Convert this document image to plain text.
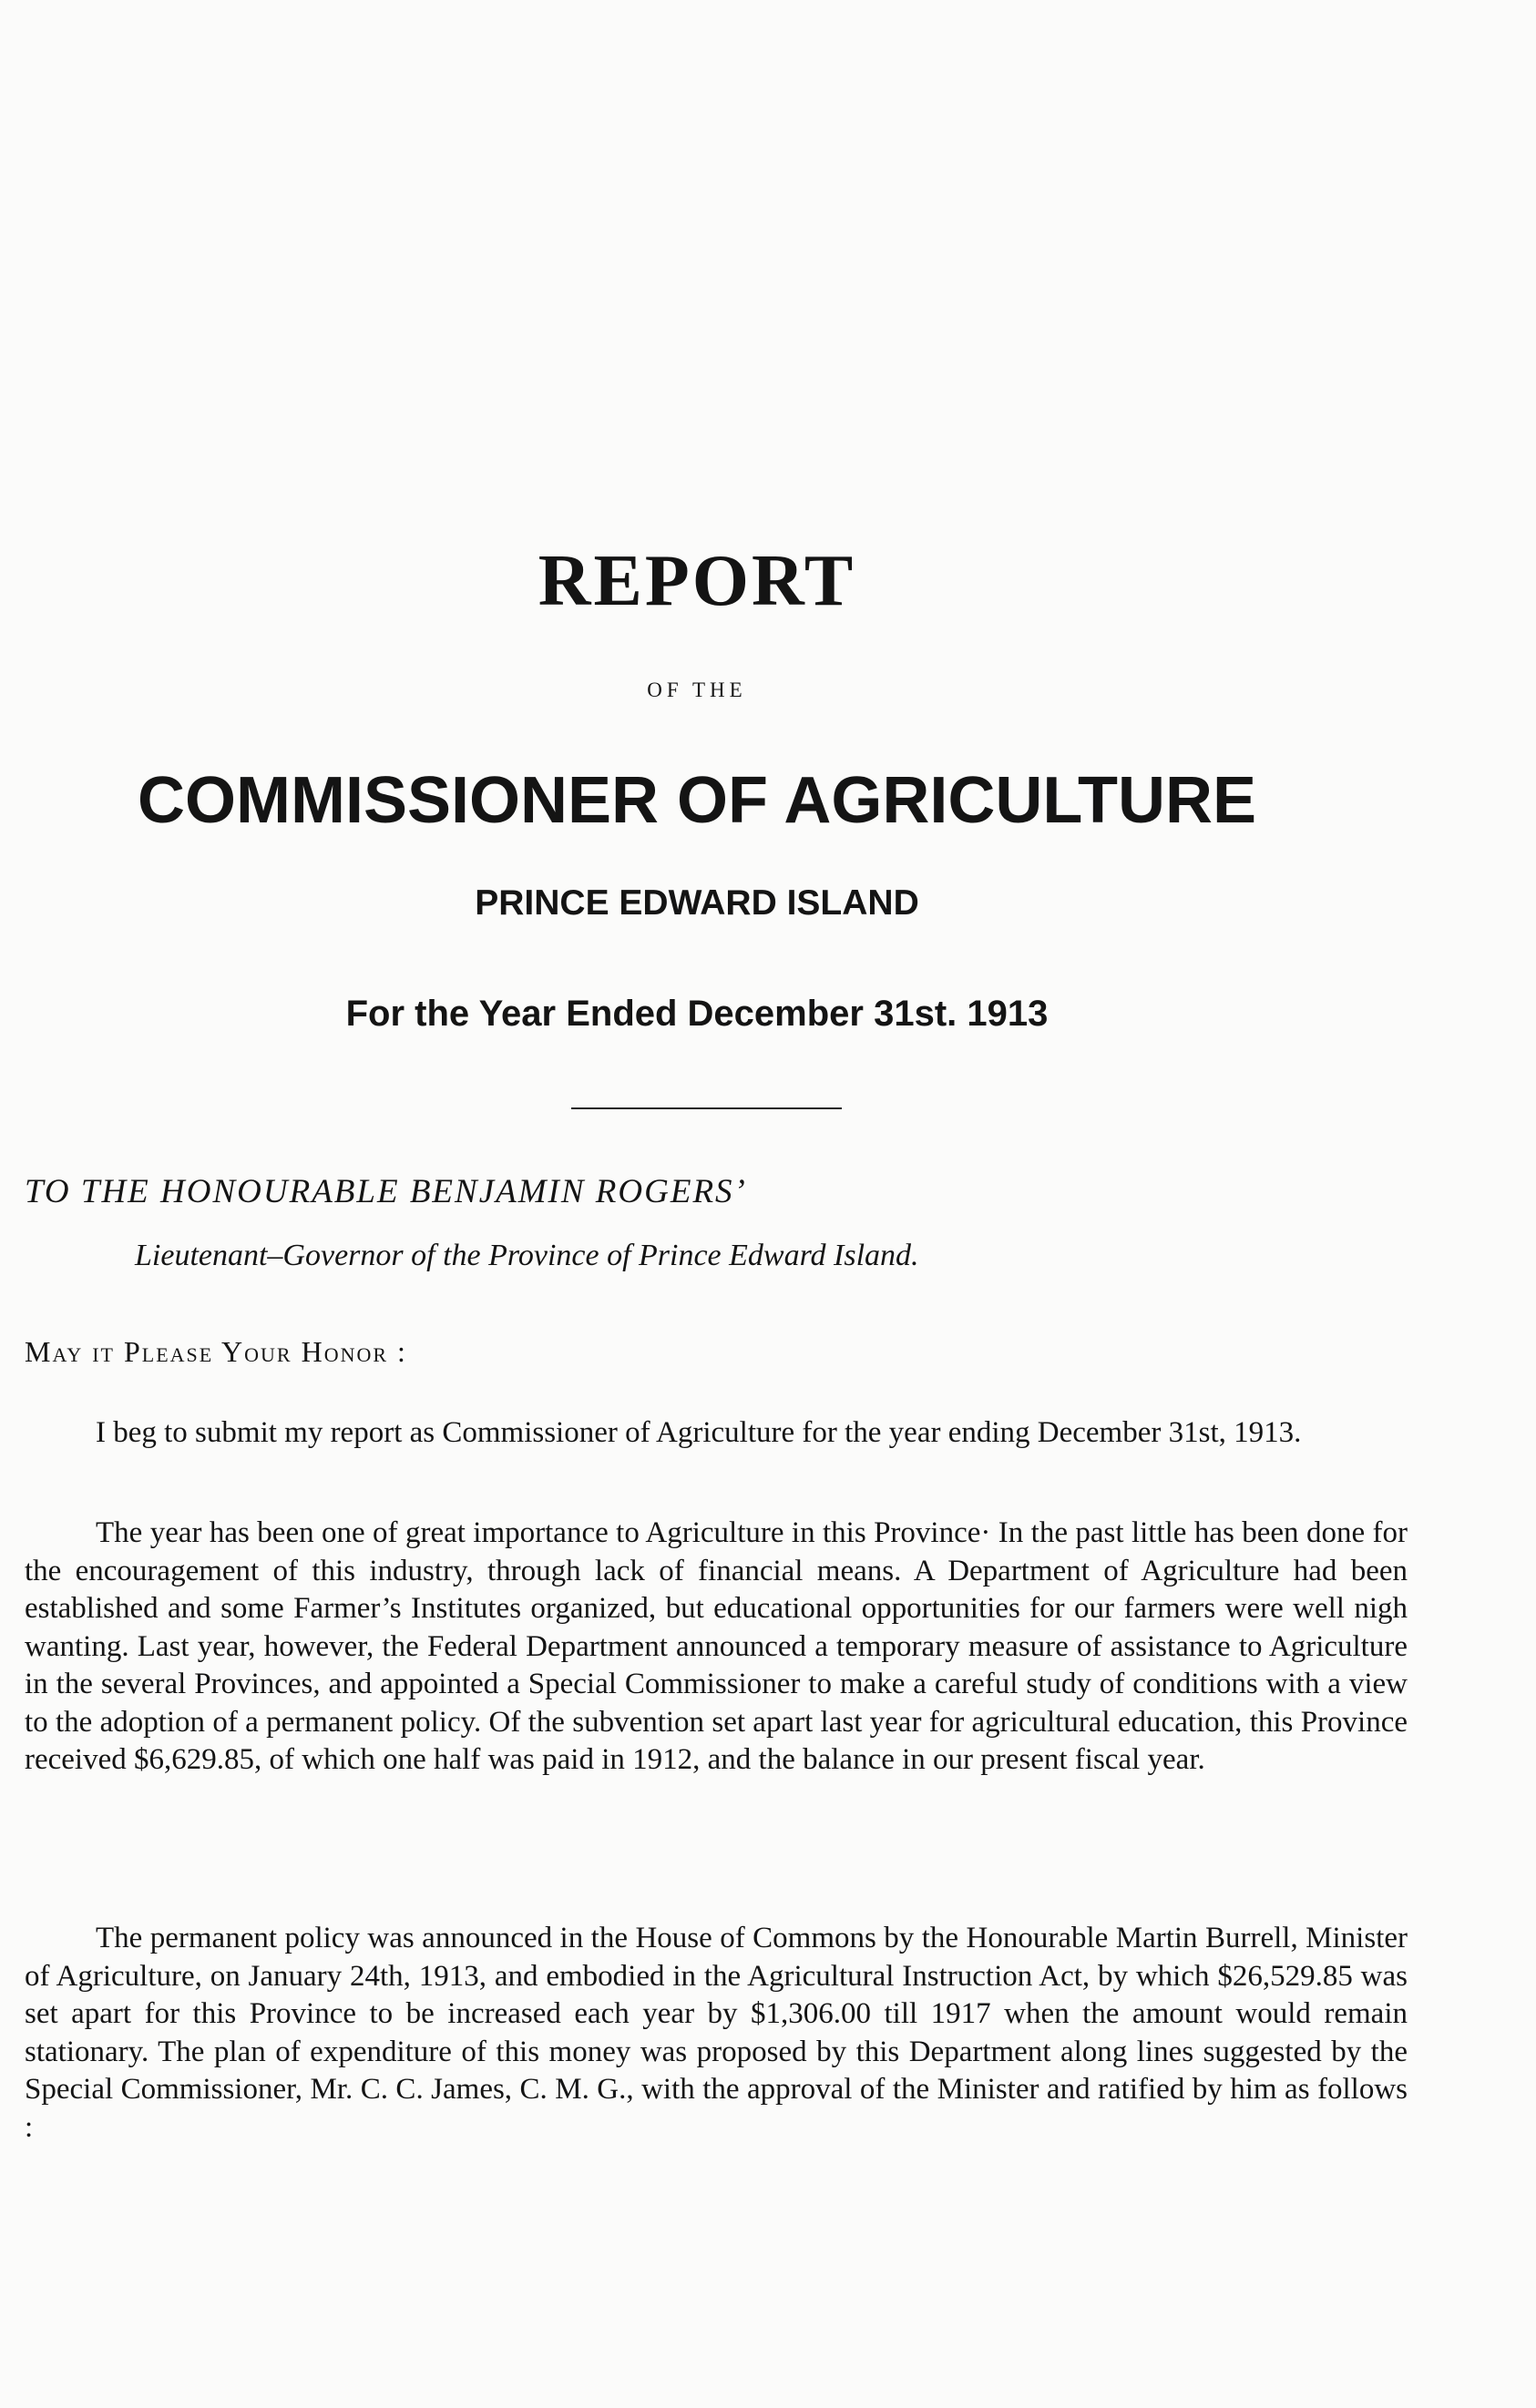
REPORT
OF THE
COMMISSIONER OF AGRICULTURE
PRINCE EDWARD ISLAND
For the Year Ended December 31st. 1913
TO THE HONOURABLE BENJAMIN ROGERS’
Lieutenant–Governor of the Province of Prince Edward Island.
May it Please Your Honor :

I beg to submit my report as Commissioner of Agriculture for the year ending December 31st, 1913.

The year has been one of great importance to Agriculture in this Province· In the past little has been done for the encouragement of this industry, through lack of financial means. A Department of Agriculture had been established and some Farmer’s Institutes organized, but educational opportunities for our farmers were well nigh wanting. Last year, however, the Federal Department announced a temporary measure of assistance to Agriculture in the several Provinces, and appointed a Special Commissioner to make a careful study of conditions with a view to the adoption of a permanent policy. Of the subvention set apart last year for agricultural education, this Province received $6,629.85, of which one half was paid in 1912, and the balance in our present fiscal year.

The permanent policy was announced in the House of Commons by the Honourable Martin Burrell, Minister of Agriculture, on January 24th, 1913, and embodied in the Agricultural Instruction Act, by which $26,529.85 was set apart for this Province to be increased each year by $1,306.00 till 1917 when the amount would remain stationary. The plan of expenditure of this money was proposed by this Department along lines suggested by the Special Commissioner, Mr. C. C. James, C. M. G., with the approval of the Minister and ratified by him as follows :
